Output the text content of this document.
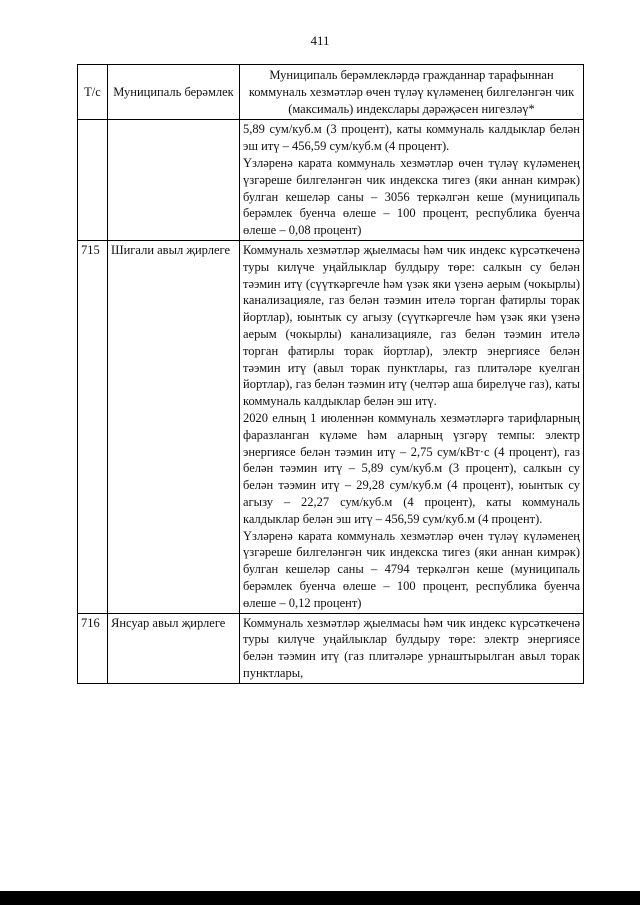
411
Т/с	Муниципаль берәмлек	Муниципаль берәмлекләрдә гражданнар тарафыннан коммуналь хезмәтләр өчен түләү күләменең билгеләнгән чик (максималь) индекслары дәрәҗәсен нигезләү*

		5,89 сум/куб.м (3 процент), каты коммуналь калдыклар белән эш итү – 456,59 сум/куб.м (4 процент).
Үзләренә карата коммуналь хезмәтләр өчен түләү күләменең үзгәреше билгеләнгән чик индекска тигез (яки аннан кимрәк) булган кешеләр саны – 3056 теркәлгән кеше (муниципаль берәмлек буенча өлеше – 100 процент, республика буенча өлеше – 0,08 процент)

715	Шигали авыл җирлеге	Коммуналь хезмәтләр җыелмасы һәм чик индекс күрсәткеченә туры килүче уңайлыклар булдыру төре: салкын су белән тәэмин итү (сүүткәргечле һәм үзәк яки үзенә аерым (чокырлы) канализацияле, газ белән тәэмин ителә торган фатирлы торак йортлар), юынтык су агызу (сүүткәргечле һәм үзәк яки үзенә аерым (чокырлы) канализацияле, газ белән тәэмин ителә торган фатирлы торак йортлар), электр энергиясе белән тәэмин итү (авыл торак пунктлары, газ плитәләре куелган йортлар), газ белән тәэмин итү (челтәр аша бирелүче газ), каты коммуналь калдыклар белән эш итү.
2020 елның 1 июленнән коммуналь хезмәтләргә тарифларның фаразланган күләме һәм аларның үзгәрү темпы: электр энергиясе белән тәэмин итү – 2,75 сум/кВт·с (4 процент), газ белән тәэмин итү – 5,89 сум/куб.м (3 процент), салкын су белән тәэмин итү – 29,28 сум/куб.м (4 процент), юынтык су агызу – 22,27 сум/куб.м (4 процент), каты коммуналь калдыклар белән эш итү – 456,59 сум/куб.м (4 процент).
Үзләренә карата коммуналь хезмәтләр өчен түләү күләменең үзгәреше билгеләнгән чик индекска тигез (яки аннан кимрәк) булган кешеләр саны – 4794 теркәлгән кеше (муниципаль берәмлек буенча өлеше – 100 процент, республика буенча өлеше – 0,12 процент)

716	Янсуар авыл җирлеге	Коммуналь хезмәтләр җыелмасы һәм чик индекс күрсәткеченә туры килүче уңайлыклар булдыру төре: электр энергиясе белән тәэмин итү (газ плитәләре урнаштырылган авыл торак пунктлары,
